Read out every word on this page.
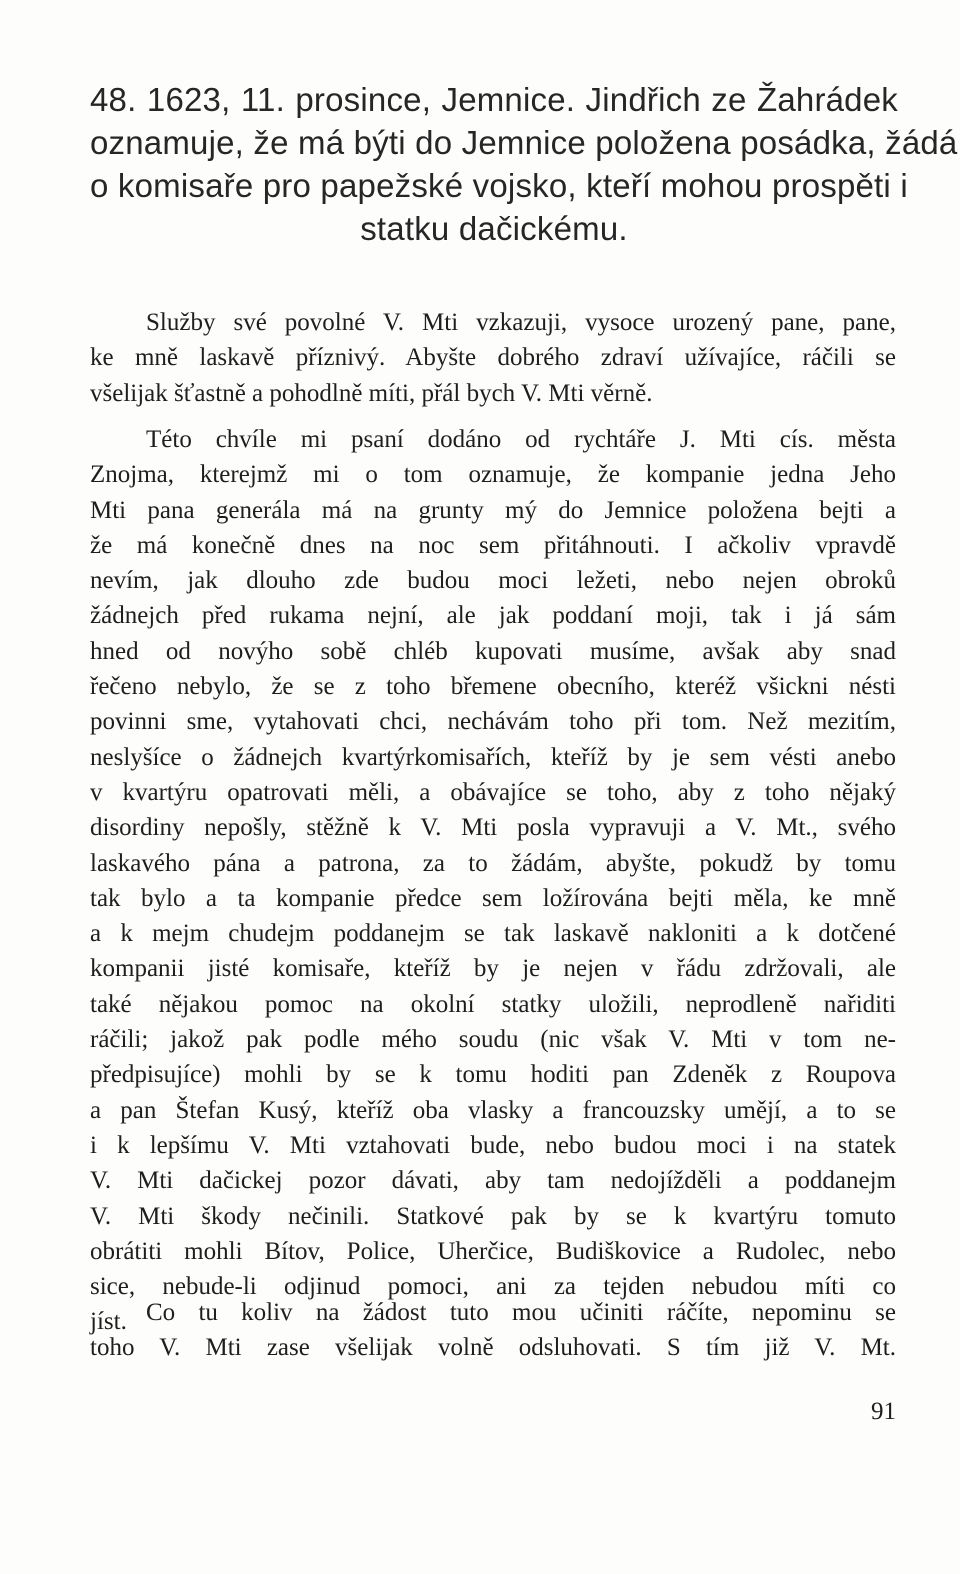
48. 1623, 11. prosince, Jemnice. Jindřich ze Žahrádek
oznamuje, že má býti do Jemnice položena posádka, žádá
o komisaře pro papežské vojsko, kteří mohou prospěti i
statku dačickému.
Služby své povolné V. Mti vzkazuji, vysoce urozený pane, pane,
ke mně laskavě příznivý. Abyšte dobrého zdraví užívajíce, ráčili se
všelijak šťastně a pohodlně míti, přál bych V. Mti věrně.
Této chvíle mi psaní dodáno od rychtáře J. Mti cís. města
Znojma, kterejmž mi o tom oznamuje, že kompanie jedna Jeho
Mti pana generála má na grunty mý do Jemnice položena bejti a
že má konečně dnes na noc sem přitáhnouti. I ačkoliv vpravdě
nevím, jak dlouho zde budou moci ležeti, nebo nejen obroků
žádnejch před rukama nejní, ale jak poddaní moji, tak i já sám
hned od novýho sobě chléb kupovati musíme, avšak aby snad
řečeno nebylo, že se z toho břemene obecního, kteréž všickni nésti
povinni sme, vytahovati chci, nechávám toho při tom. Než mezitím,
neslyšíce o žádnejch kvartýrkomisařích, kteříž by je sem vésti anebo
v kvartýru opatrovati měli, a obávajíce se toho, aby z toho nějaký
disordiny nepošly, stěžně k V. Mti posla vypravuji a V. Mt., svého
laskavého pána a patrona, za to žádám, abyšte, pokudž by tomu
tak bylo a ta kompanie předce sem ložírována bejti měla, ke mně
a k mejm chudejm poddanejm se tak laskavě nakloniti a k dotčené
kompanii jisté komisaře, kteříž by je nejen v řádu zdržovali, ale
také nějakou pomoc na okolní statky uložili, neprodleně nařiditi
ráčili; jakož pak podle mého soudu (nic však V. Mti v tom ne-
předpisujíce) mohli by se k tomu hoditi pan Zdeněk z Roupova
a pan Štefan Kusý, kteříž oba vlasky a francouzsky umějí, a to se
i k lepšímu V. Mti vztahovati bude, nebo budou moci i na statek
V. Mti dačickej pozor dávati, aby tam nedojížděli a poddanejm
V. Mti škody nečinili. Statkové pak by se k kvartýru tomuto
obrátiti mohli Bítov, Police, Uherčice, Budiškovice a Rudolec, nebo
sice, nebude-li odjinud pomoci, ani za tejden nebudou míti co
jíst. Co tu koliv na žádost tuto mou učiniti ráčíte, nepominu se
toho V. Mti zase všelijak volně odsluhovati. S tím již V. Mt.
91
